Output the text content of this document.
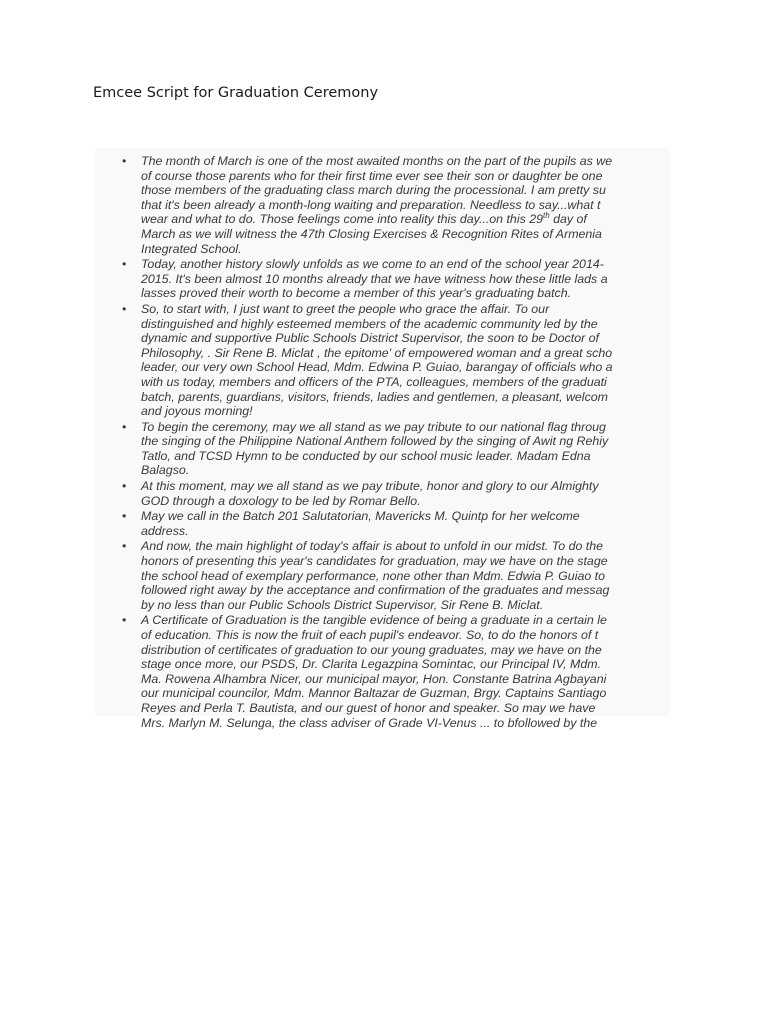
Emcee Script for Graduation Ceremony
• The month of March is one of the most awaited months on the part of the pupils as we
of course those parents who for their first time ever see their son or daughter be one
those members of the graduating class march during the processional. I am pretty su
that it's been already a month-long waiting and preparation. Needless to say...what t
wear and what to do. Those feelings come into reality this day...on this 29th day of
March as we will witness the 47th Closing Exercises & Recognition Rites of Armenia
Integrated School.
• Today, another history slowly unfolds as we come to an end of the school year 2014-
2015. It's been almost 10 months already that we have witness how these little lads a
lasses proved their worth to become a member of this year's graduating batch.
• So, to start with, I just want to greet the people who grace the affair. To our
distinguished and highly esteemed members of the academic community led by the
dynamic and supportive Public Schools District Supervisor, the soon to be Doctor of
Philosophy, . Sir Rene B. Miclat , the epitome' of empowered woman and a great scho
leader, our very own School Head, Mdm. Edwina P. Guiao, barangay of officials who a
with us today, members and officers of the PTA, colleagues, members of the graduati
batch, parents, guardians, visitors, friends, ladies and gentlemen, a pleasant, welcom
and joyous morning!
• To begin the ceremony, may we all stand as we pay tribute to our national flag throug
the singing of the Philippine National Anthem followed by the singing of Awit ng Rehiy
Tatlo, and TCSD Hymn to be conducted by our school music leader. Madam Edna
Balagso.
• At this moment, may we all stand as we pay tribute, honor and glory to our Almighty
GOD through a doxology to be led by Romar Bello.
• May we call in the Batch 201 Salutatorian, Mavericks M. Quintp for her welcome
address.
• And now, the main highlight of today's affair is about to unfold in our midst. To do the
honors of presenting this year's candidates for graduation, may we have on the stage
the school head of exemplary performance, none other than Mdm. Edwia P. Guiao to
followed right away by the acceptance and confirmation of the graduates and messag
by no less than our Public Schools District Supervisor, Sir Rene B. Miclat.
• A Certificate of Graduation is the tangible evidence of being a graduate in a certain le
of education. This is now the fruit of each pupil's endeavor. So, to do the honors of t
distribution of certificates of graduation to our young graduates, may we have on the
stage once more, our PSDS, Dr. Clarita Legazpina Somintac, our Principal IV, Mdm.
Ma. Rowena Alhambra Nicer, our municipal mayor, Hon. Constante Batrina Agbayani
our municipal councilor, Mdm. Mannor Baltazar de Guzman, Brgy. Captains Santiago
Reyes and Perla T. Bautista, and our guest of honor and speaker. So may we have
Mrs. Marlyn M. Selunga, the class adviser of Grade VI-Venus ... to bfollowed by the
